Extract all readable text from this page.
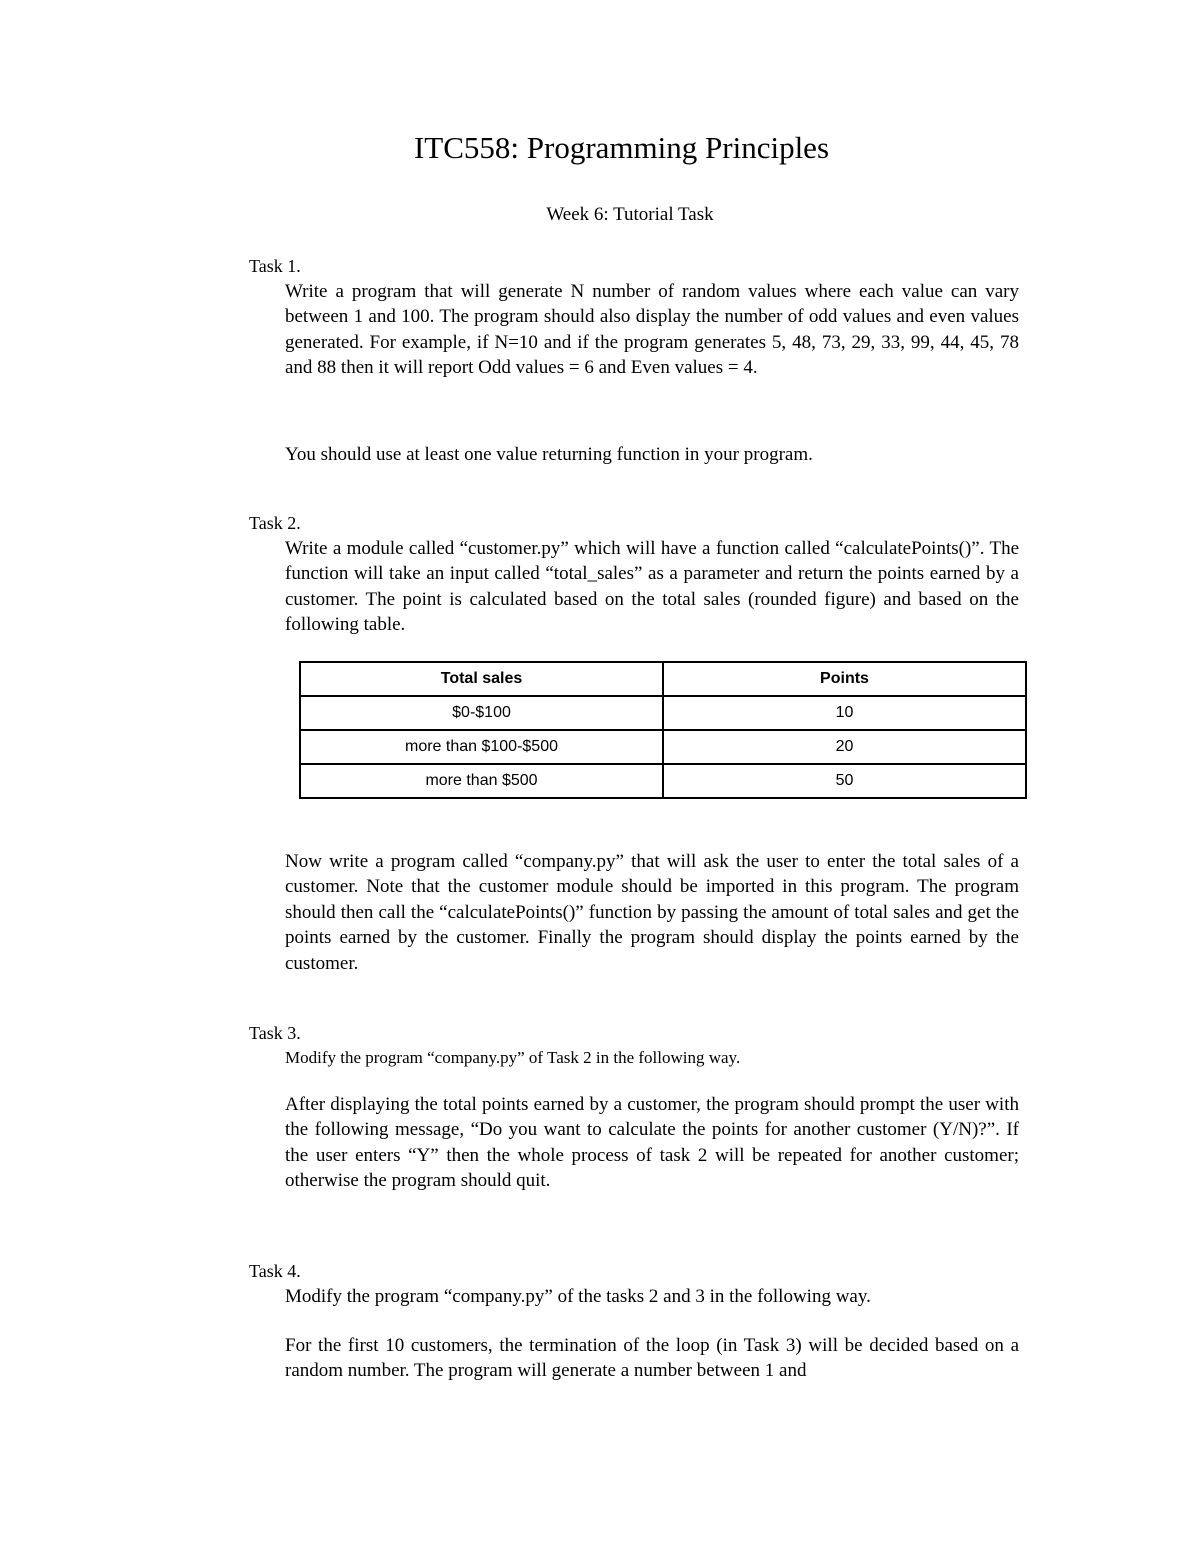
ITC558: Programming Principles
Week 6: Tutorial Task
Task 1.
Write a program that will generate N number of random values where each value can vary between 1 and 100. The program should also display the number of odd values and even values generated. For example, if N=10 and if the program generates 5, 48, 73, 29, 33, 99, 44, 45, 78 and 88 then it will report Odd values = 6 and Even values = 4.
You should use at least one value returning function in your program.
Task 2.
Write a module called “customer.py” which will have a function called “calculatePoints()”. The function will take an input called “total_sales” as a parameter and return the points earned by a customer. The point is calculated based on the total sales (rounded figure) and based on the following table.
Total sales	Points
$0-$100	10
more than $100-$500	20
more than $500	50
Now write a program called “company.py” that will ask the user to enter the total sales of a customer. Note that the customer module should be imported in this program. The program should then call the “calculatePoints()” function by passing the amount of total sales and get the points earned by the customer. Finally the program should display the points earned by the customer.
Task 3.
Modify the program “company.py” of Task 2 in the following way.
After displaying the total points earned by a customer, the program should prompt the user with the following message, “Do you want to calculate the points for another customer (Y/N)?”. If the user enters “Y” then the whole process of task 2 will be repeated for another customer; otherwise the program should quit.
Task 4.
Modify the program “company.py” of the tasks 2 and 3 in the following way.
For the first 10 customers, the termination of the loop (in Task 3) will be decided based on a random number. The program will generate a number between 1 and
